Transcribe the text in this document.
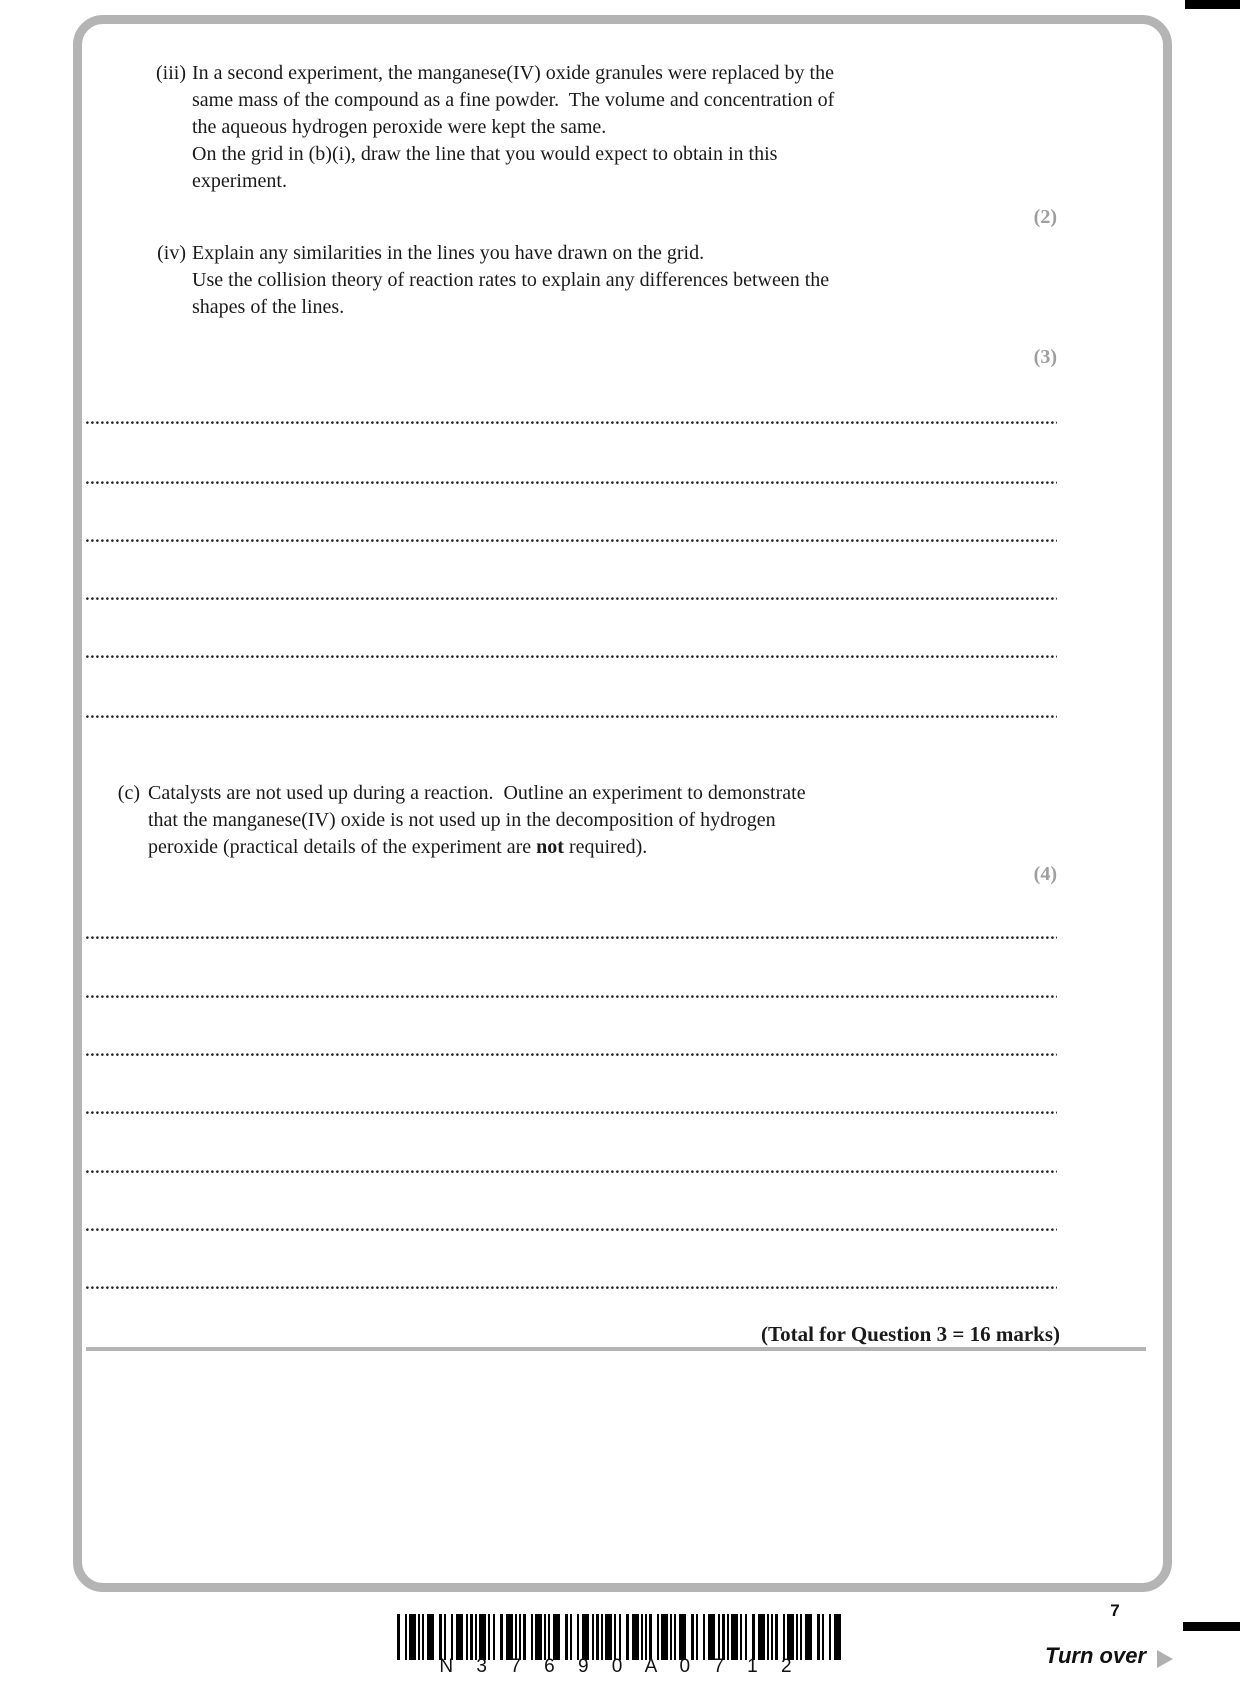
(iii) In a second experiment, the manganese(IV) oxide granules were replaced by the
same mass of the compound as a fine powder.  The volume and concentration of
the aqueous hydrogen peroxide were kept the same.
On the grid in (b)(i), draw the line that you would expect to obtain in this
experiment.
(2)
(iv) Explain any similarities in the lines you have drawn on the grid.
Use the collision theory of reaction rates to explain any differences between the
shapes of the lines.
(3)
(c) Catalysts are not used up during a reaction.  Outline an experiment to demonstrate
that the manganese(IV) oxide is not used up in the decomposition of hydrogen
peroxide (practical details of the experiment are not required).
(4)
(Total for Question 3 = 16 marks)
7
N 3 7 6 9 0 A 0 7 1 2	Turn over
